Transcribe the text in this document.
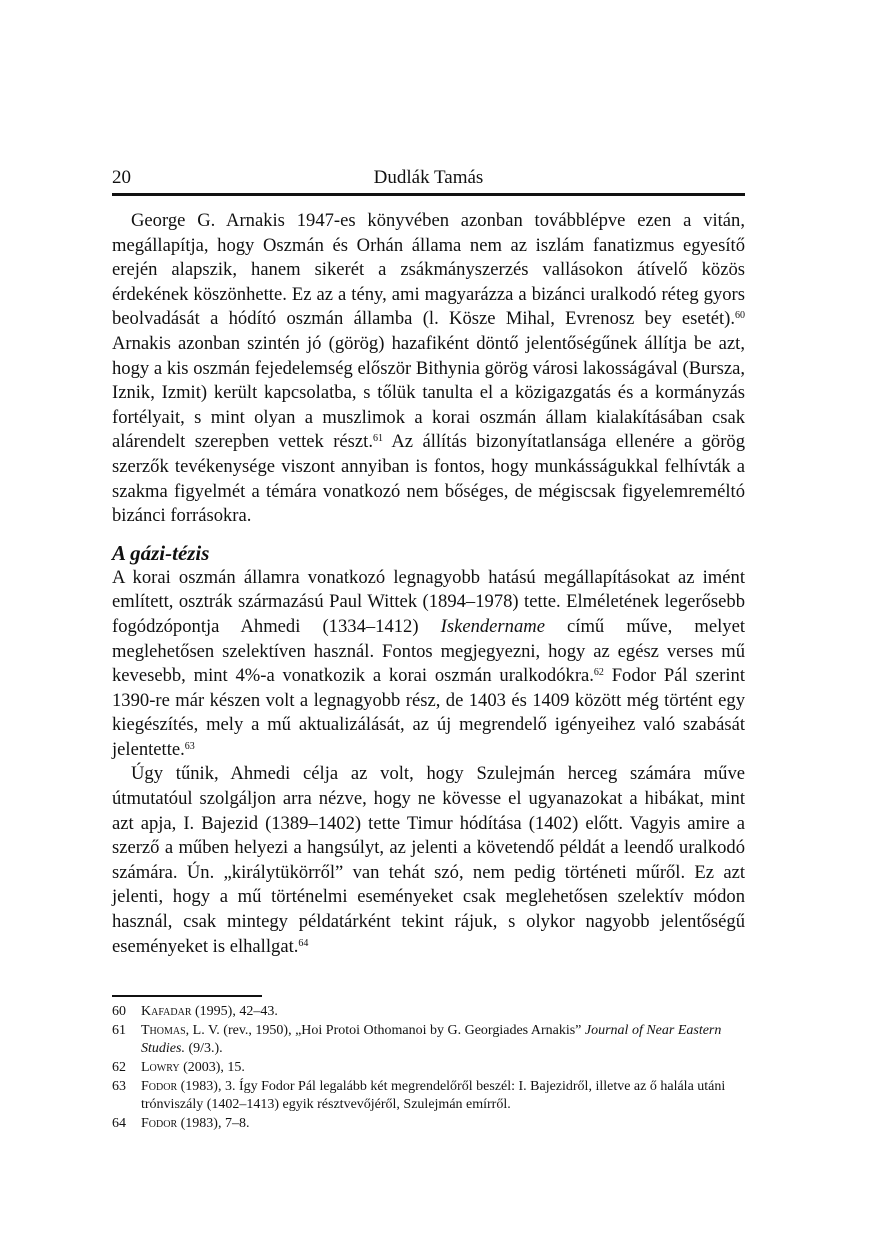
20	Dudlák Tamás

George G. Arnakis 1947-es könyvében azonban továbblépve ezen a vitán, megállapítja, hogy Oszmán és Orhán állama nem az iszlám fanatizmus egyesítő erején alapszik, hanem sikerét a zsákmányszerzés vallásokon átívelő közös érdekének köszönhette. Ez az a tény, ami magyarázza a bizánci uralkodó réteg gyors beolvadását a hódító oszmán államba (l. Kösze Mihal, Evrenosz bey esetét).$^{60}$ Arnakis azonban szintén jó (görög) hazafiként döntő jelentőségűnek állítja be azt, hogy a kis oszmán fejedelemség először Bithynia görög városi lakosságával (Bursza, Iznik, Izmit) került kapcsolatba, s tőlük tanulta el a közigazgatás és a kormányzás fortélyait, s mint olyan a muszlimok a korai oszmán állam kialakításában csak alárendelt szerepben vettek részt.$^{61}$ Az állítás bizonyítatlansága ellenére a görög szerzők tevékenysége viszont annyiban is fontos, hogy munkásságukkal felhívták a szakma figyelmét a témára vonatkozó nem bőséges, de mégiscsak figyelemreméltó bizánci forrásokra.

A gázi-tézis

A korai oszmán államra vonatkozó legnagyobb hatású megállapításokat az imént említett, osztrák származású Paul Wittek (1894–1978) tette. Elméletének legerősebb fogódzópontja Ahmedi (1334–1412) Iskendername című műve, melyet meglehetősen szelektíven használ. Fontos megjegyezni, hogy az egész verses mű kevesebb, mint 4%-a vonatkozik a korai oszmán uralkodókra.$^{62}$ Fodor Pál szerint 1390-re már készen volt a legnagyobb rész, de 1403 és 1409 között még történt egy kiegészítés, mely a mű aktualizálását, az új megrendelő igényeihez való szabását jelentette.$^{63}$

Úgy tűnik, Ahmedi célja az volt, hogy Szulejmán herceg számára műve útmutatóul szolgáljon arra nézve, hogy ne kövesse el ugyanazokat a hibákat, mint azt apja, I. Bajezid (1389–1402) tette Timur hódítása (1402) előtt. Vagyis amire a szerző a műben helyezi a hangsúlyt, az jelenti a követendő példát a leendő uralkodó számára. Ún. „királytükörről” van tehát szó, nem pedig történeti műről. Ez azt jelenti, hogy a mű történelmi eseményeket csak meglehetősen szelektív módon használ, csak mintegy példatárként tekint rájuk, s olykor nagyobb jelentőségű eseményeket is elhallgat.$^{64}$

60 Kafadar (1995), 42–43.
61 Thomas, L. V. (rev., 1950), „Hoi Protoi Othomanoi by G. Georgiades Arnakis” Journal of Near Eastern Studies. (9/3.).
62 Lowry (2003), 15.
63 Fodor (1983), 3. Így Fodor Pál legalább két megrendelőről beszél: I. Bajezidről, illetve az ő halála utáni trónviszály (1402–1413) egyik résztvevőjéről, Szulejmán emírről.
64 Fodor (1983), 7–8.
